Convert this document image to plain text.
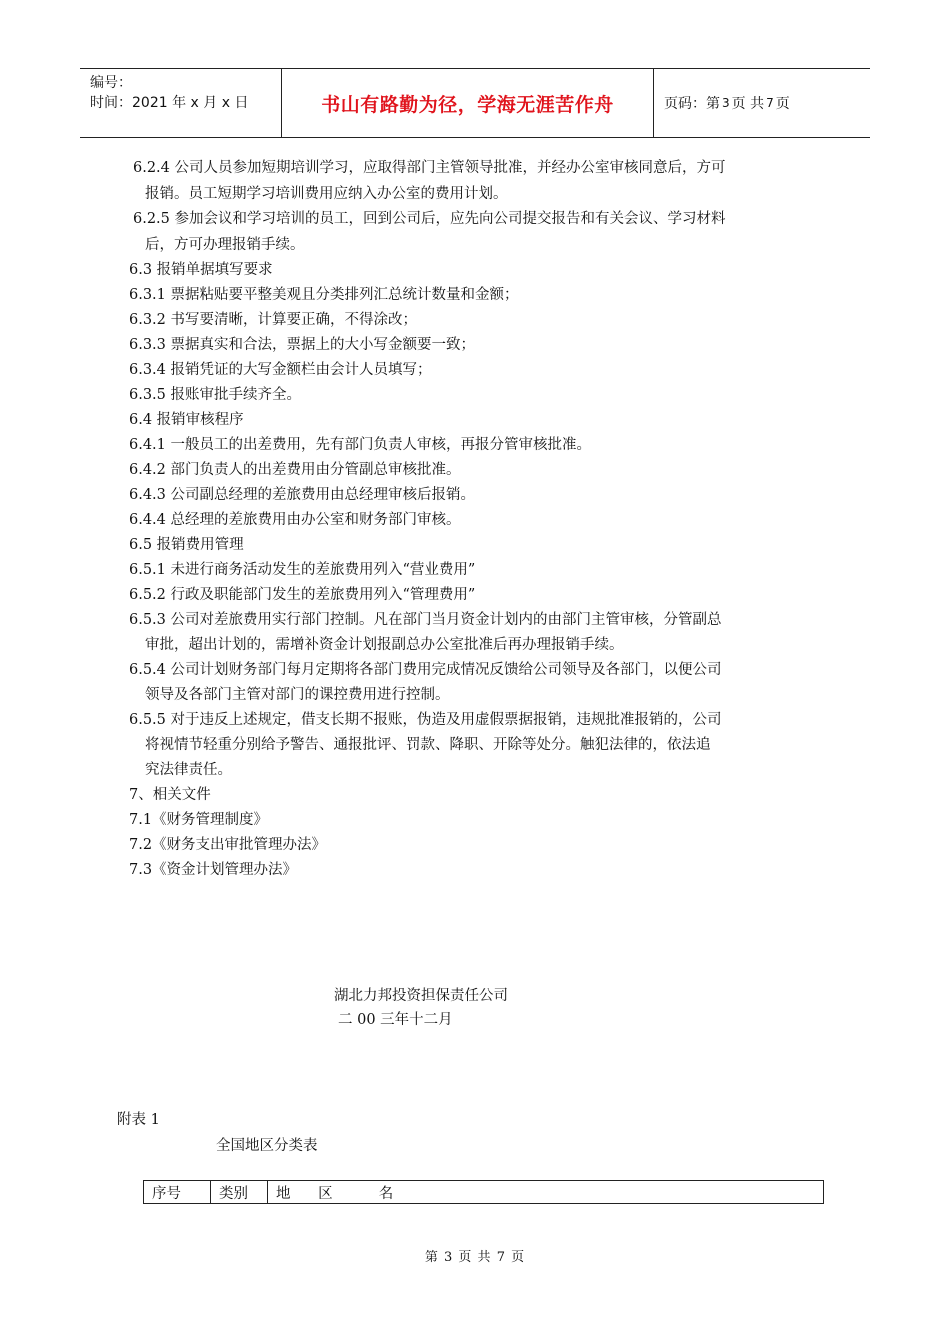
编号：
时间：2021 年 x 月 x 日	书山有路勤为径，学海无涯苦作舟	页码：第 3 页 共 7 页
6.2.4 公司人员参加短期培训学习，应取得部门主管领导批准，并经办公室审核同意后，方可
报销。员工短期学习培训费用应纳入办公室的费用计划。
6.2.5 参加会议和学习培训的员工，回到公司后，应先向公司提交报告和有关会议、学习材料
后，方可办理报销手续。
6.3 报销单据填写要求
6.3.1 票据粘贴要平整美观且分类排列汇总统计数量和金额；
6.3.2 书写要清晰，计算要正确，不得涂改；
6.3.3 票据真实和合法，票据上的大小写金额要一致；
6.3.4 报销凭证的大写金额栏由会计人员填写；
6.3.5 报账审批手续齐全。
6.4 报销审核程序
6.4.1 一般员工的出差费用，先有部门负责人审核，再报分管审核批准。
6.4.2 部门负责人的出差费用由分管副总审核批准。
6.4.3 公司副总经理的差旅费用由总经理审核后报销。
6.4.4 总经理的差旅费用由办公室和财务部门审核。
6.5 报销费用管理
6.5.1 未进行商务活动发生的差旅费用列入“营业费用”
6.5.2 行政及职能部门发生的差旅费用列入“管理费用”
6.5.3 公司对差旅费用实行部门控制。凡在部门当月资金计划内的由部门主管审核，分管副总
审批，超出计划的，需增补资金计划报副总办公室批准后再办理报销手续。
6.5.4 公司计划财务部门每月定期将各部门费用完成情况反馈给公司领导及各部门，以便公司
领导及各部门主管对部门的课控费用进行控制。
6.5.5 对于违反上述规定，借支长期不报账，伪造及用虚假票据报销，违规批准报销的，公司
将视情节轻重分别给予警告、通报批评、罚款、降职、开除等处分。触犯法律的，依法追
究法律责任。
7、相关文件
7.1《财务管理制度》
7.2《财务支出审批管理办法》
7.3《资金计划管理办法》
湖北力邦投资担保责任公司
二 00 三年十二月
附表 1
全国地区分类表
序号	类别	地      区          名
第 3 页 共 7 页
